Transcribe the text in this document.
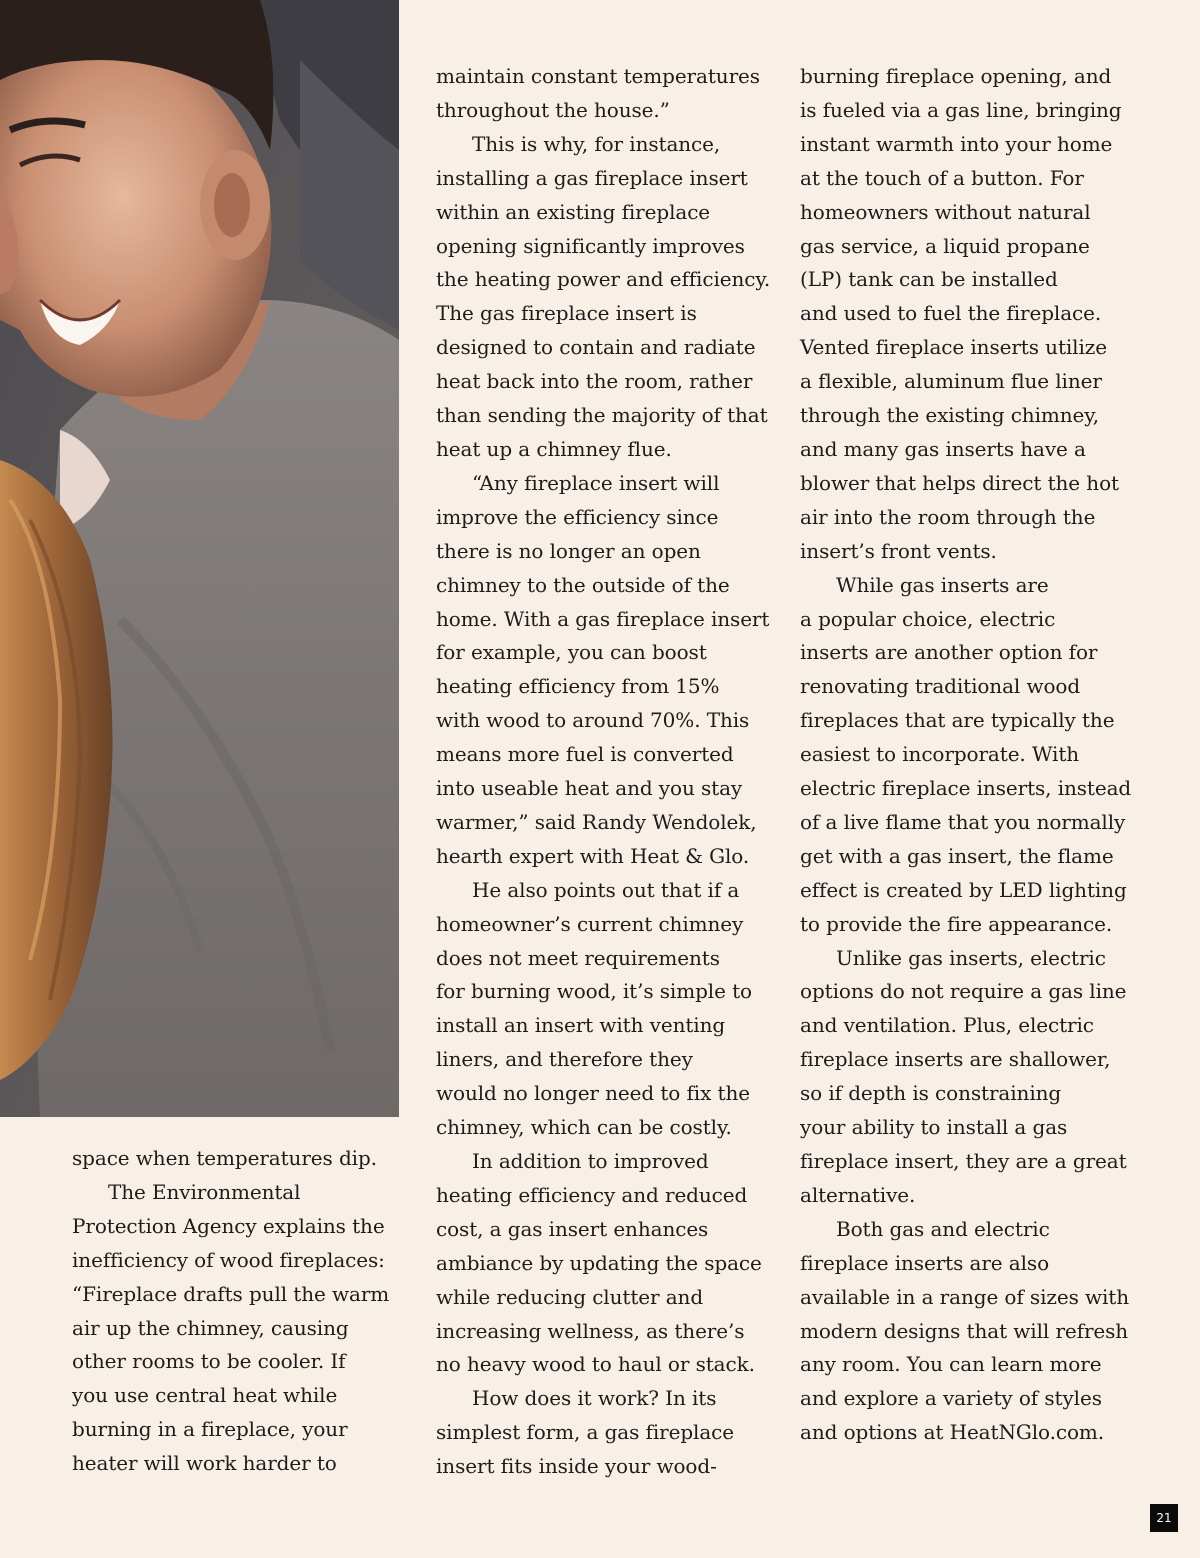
space when temperatures dip.

The Environmental
Protection Agency explains the
inefficiency of wood fireplaces:
“Fireplace drafts pull the warm
air up the chimney, causing
other rooms to be cooler. If
you use central heat while
burning in a fireplace, your
heater will work harder to

maintain constant temperatures
throughout the house.”

This is why, for instance,
installing a gas fireplace insert
within an existing fireplace
opening significantly improves
the heating power and efficiency.
The gas fireplace insert is
designed to contain and radiate
heat back into the room, rather
than sending the majority of that
heat up a chimney flue.

“Any fireplace insert will
improve the efficiency since
there is no longer an open
chimney to the outside of the
home. With a gas fireplace insert
for example, you can boost
heating efficiency from 15%
with wood to around 70%. This
means more fuel is converted
into useable heat and you stay
warmer,” said Randy Wendolek,
hearth expert with Heat & Glo.

He also points out that if a
homeowner’s current chimney
does not meet requirements
for burning wood, it’s simple to
install an insert with venting
liners, and therefore they
would no longer need to fix the
chimney, which can be costly.

In addition to improved
heating efficiency and reduced
cost, a gas insert enhances
ambiance by updating the space
while reducing clutter and
increasing wellness, as there’s
no heavy wood to haul or stack.

How does it work? In its
simplest form, a gas fireplace
insert fits inside your wood-

burning fireplace opening, and
is fueled via a gas line, bringing
instant warmth into your home
at the touch of a button. For
homeowners without natural
gas service, a liquid propane
(LP) tank can be installed
and used to fuel the fireplace.
Vented fireplace inserts utilize
a flexible, aluminum flue liner
through the existing chimney,
and many gas inserts have a
blower that helps direct the hot
air into the room through the
insert’s front vents.

While gas inserts are
a popular choice, electric
inserts are another option for
renovating traditional wood
fireplaces that are typically the
easiest to incorporate. With
electric fireplace inserts, instead
of a live flame that you normally
get with a gas insert, the flame
effect is created by LED lighting
to provide the fire appearance.

Unlike gas inserts, electric
options do not require a gas line
and ventilation. Plus, electric
fireplace inserts are shallower,
so if depth is constraining
your ability to install a gas
fireplace insert, they are a great
alternative.

Both gas and electric
fireplace inserts are also
available in a range of sizes with
modern designs that will refresh
any room. You can learn more
and explore a variety of styles
and options at HeatNGlo.com.

21
